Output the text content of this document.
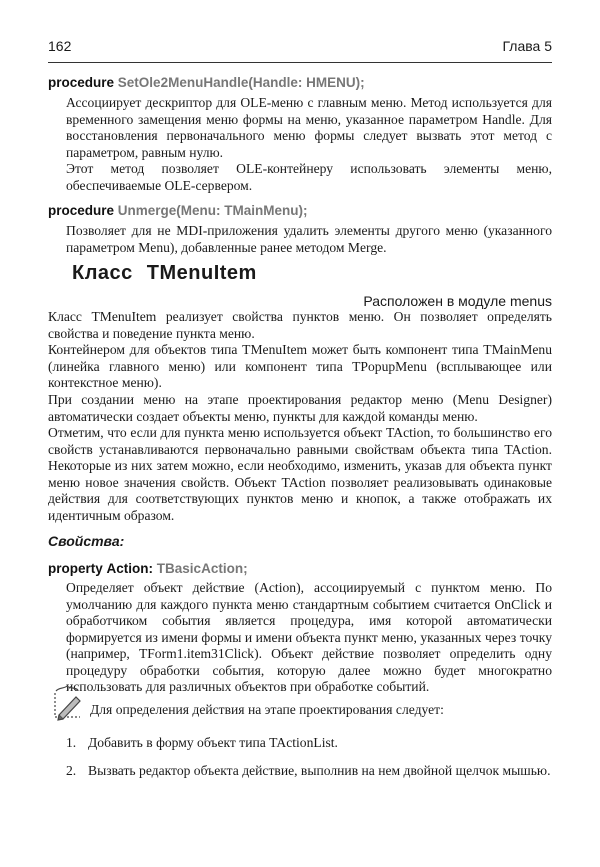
162	Глава 5
procedure SetOle2MenuHandle(Handle: HMENU);
Ассоциирует дескриптор для OLE-меню с главным меню. Метод используется для временного замещения меню формы на меню, указанное параметром Handle. Для восстановления первоначального меню формы следует вызвать этот метод с параметром, равным нулю.
Этот метод позволяет OLE-контейнеру использовать элементы меню, обеспечиваемые OLE-сервером.
procedure Unmerge(Menu: TMainMenu);
Позволяет для не MDI-приложения удалить элементы другого меню (указанного параметром Menu), добавленные ранее методом Merge.
Класс TMenuItem
Расположен в модуле menus
Класс TMenuItem реализует свойства пунктов меню. Он позволяет определять свойства и поведение пункта меню.
Контейнером для объектов типа TMenuItem может быть компонент типа TMainMenu (линейка главного меню) или компонент типа TPopupMenu (всплывающее или контекстное меню).
При создании меню на этапе проектирования редактор меню (Menu Designer) автоматически создает объекты меню, пункты для каждой команды меню.
Отметим, что если для пункта меню используется объект TAction, то большинство его свойств устанавливаются первоначально равными свойствам объекта типа TAction. Некоторые из них затем можно, если необходимо, изменить, указав для объекта пункт меню новое значения свойств. Объект TAction позволяет реализовывать одинаковые действия для соответствующих пунктов меню и кнопок, а также отображать их идентичным образом.
Свойства:
property Action: TBasicAction;
Определяет объект действие (Action), ассоциируемый с пунктом меню. По умолчанию для каждого пункта меню стандартным событием считается OnClick и обработчиком события является процедура, имя которой автоматически формируется из имени формы и имени объекта пункт меню, указанных через точку (например, TForm1.item31Click). Объект действие позволяет определить одну процедуру обработки события, которую далее можно будет многократно использовать для различных объектов при обработке событий.
Для определения действия на этапе проектирования следует:
1. Добавить в форму объект типа TActionList.
2. Вызвать редактор объекта действие, выполнив на нем двойной щелчок мышью.
